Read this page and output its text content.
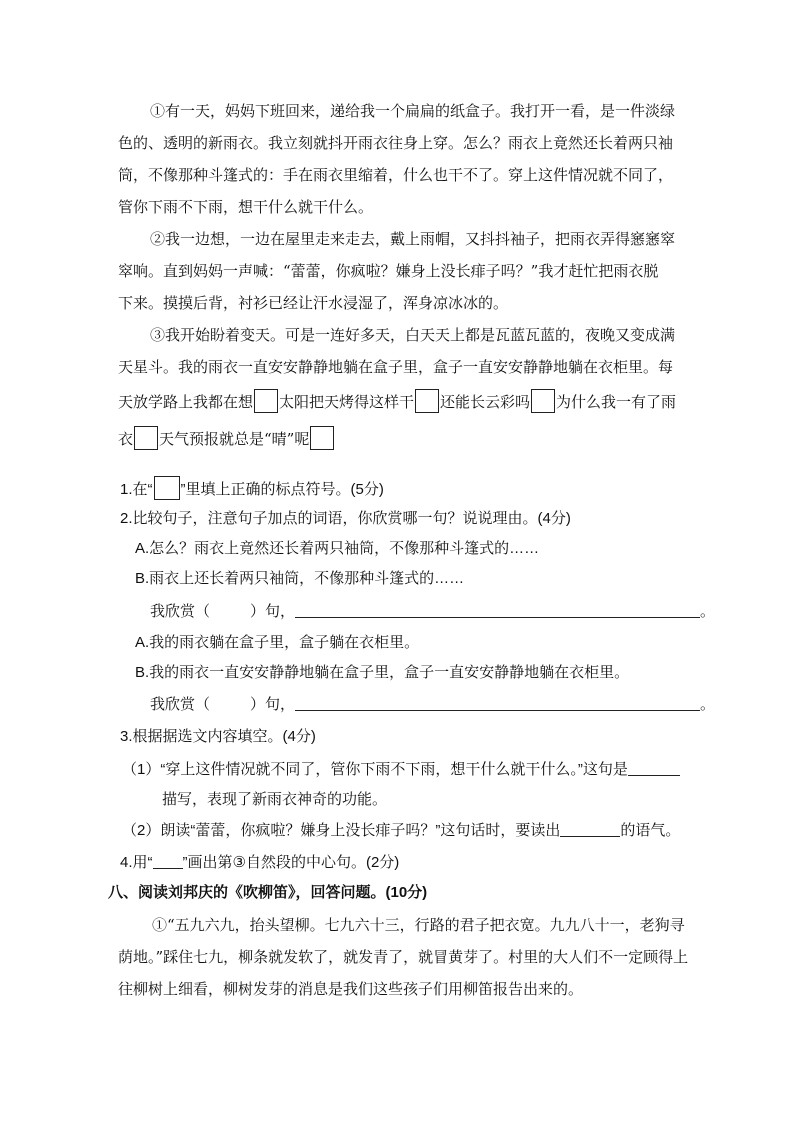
①有一天，妈妈下班回来，递给我一个扁扁的纸盒子。我打开一看，是一件淡绿
色的、透明的新雨衣。我立刻就抖开雨衣往身上穿。怎么？雨衣上竟然还长着两只袖
筒，不像那种斗篷式的：手在雨衣里缩着，什么也干不了。穿上这件情况就不同了，
管你下雨不下雨，想干什么就干什么。
②我一边想，一边在屋里走来走去，戴上雨帽，又抖抖袖子，把雨衣弄得窸窸窣
窣响。直到妈妈一声喊：“蕾蕾，你疯啦？嫌身上没长痱子吗？”我才赶忙把雨衣脱
下来。摸摸后背，衬衫已经让汗水浸湿了，浑身凉冰冰的。
③我开始盼着变天。可是一连好多天，白天天上都是瓦蓝瓦蓝的，夜晚又变成满
天星斗。我的雨衣一直安安静静地躺在盒子里，盒子一直安安静静地躺在衣柜里。每
天放学路上我都在想 太阳把天烤得这样干 还能长云彩吗 为什么我一有了雨
衣 天气预报就总是“晴”呢
1.在“ ”里填上正确的标点符号。(5分)
2.比较句子，注意句子加点的词语，你欣赏哪一句？说说理由。(4分)
A.怎么？雨衣上竟然还长着两只袖筒，不像那种斗篷式的……
B.雨衣上还长着两只袖筒，不像那种斗篷式的……
我欣赏（	）句，	。
A.我的雨衣躺在盒子里，盒子躺在衣柜里。
B.我的雨衣一直安安静静地躺在盒子里，盒子一直安安静静地躺在衣柜里。
我欣赏（	）句，	。
3.根据据选文内容填空。(4分)
（1）“穿上这件情况就不同了，管你下雨不下雨，想干什么就干什么。”这句是
描写，表现了新雨衣神奇的功能。
（2）朗读“蕾蕾，你疯啦？嫌身上没长痱子吗？”这句话时，要读出	的语气。
4.用“ ”画出第③自然段的中心句。(2分)
八、阅读刘邦庆的《吹柳笛》，回答问题。(10分)
①“五九六九，抬头望柳。七九六十三，行路的君子把衣宽。九九八十一，老狗寻
荫地。”踩住七九，柳条就发软了，就发青了，就冒黄芽了。村里的大人们不一定顾得上
往柳树上细看，柳树发芽的消息是我们这些孩子们用柳笛报告出来的。
